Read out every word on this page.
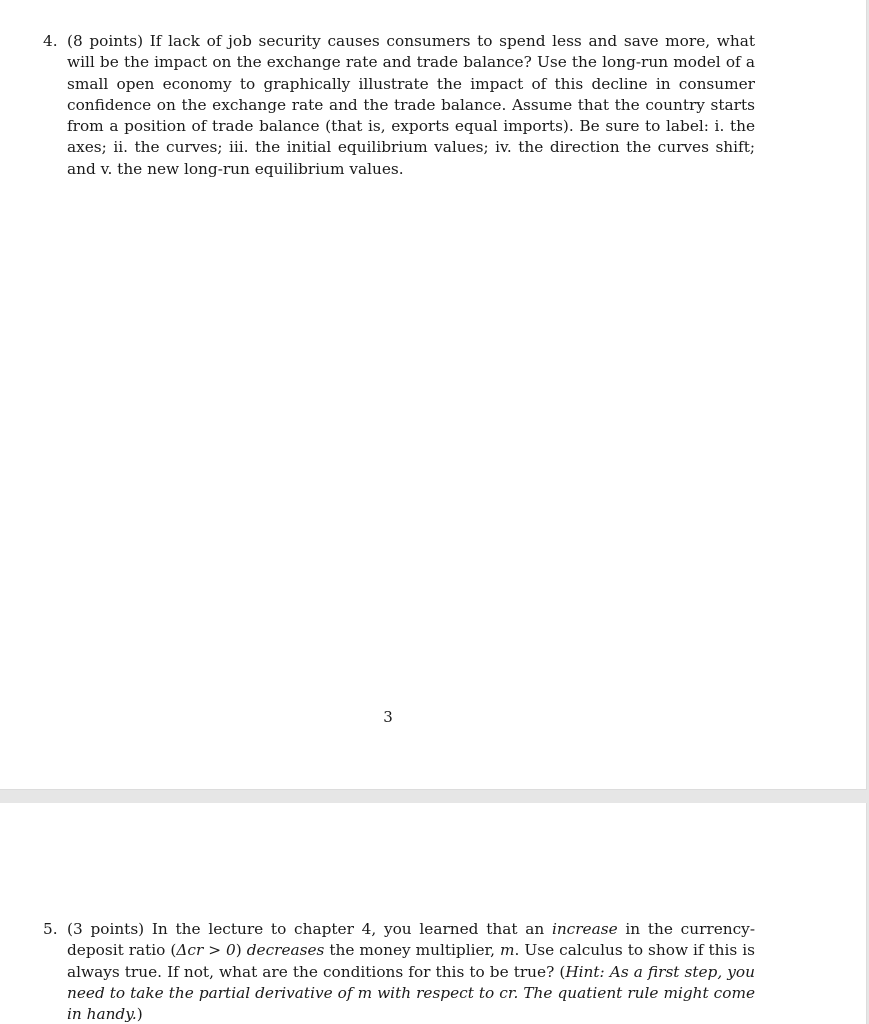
4. (8 points) If lack of job security causes consumers to spend less and save more, what will be the impact on the exchange rate and trade balance? Use the long-run model of a small open economy to graphically illustrate the impact of this decline in consumer confidence on the exchange rate and the trade balance. Assume that the country starts from a position of trade balance (that is, exports equal imports). Be sure to label: i. the axes; ii. the curves; iii. the initial equilibrium values; iv. the direction the curves shift; and v. the new long-run equilibrium values.
3
5. (3 points) In the lecture to chapter 4, you learned that an increase in the currency-deposit ratio (Δcr > 0) decreases the money multiplier, m. Use calculus to show if this is always true. If not, what are the conditions for this to be true? (Hint: As a first step, you need to take the partial derivative of m with respect to cr. The quatient rule might come in handy.)
